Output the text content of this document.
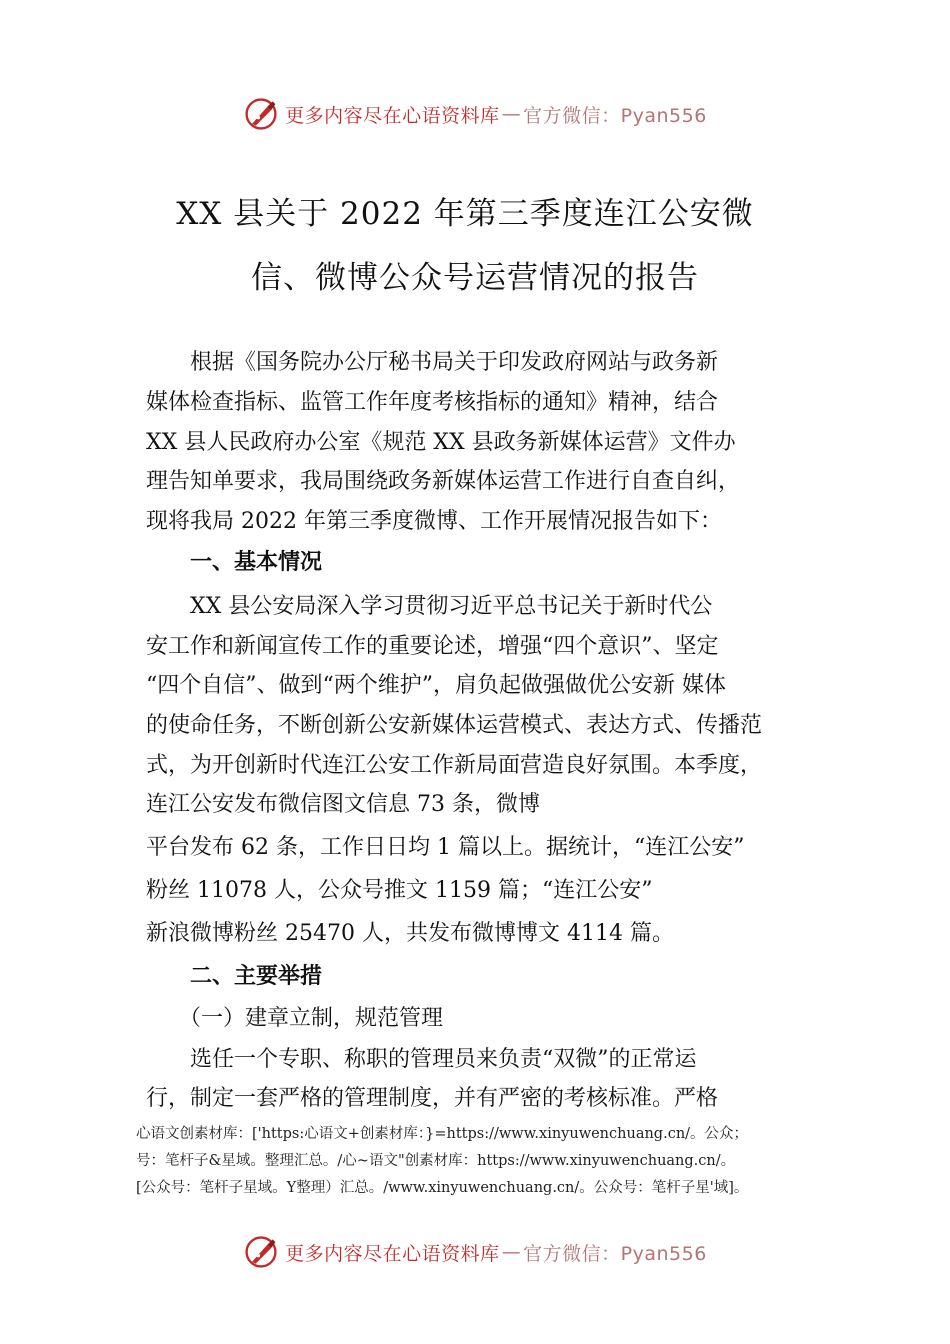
更多内容尽在心语资料库 — 官方微信：Pyan556
XX 县关于 2022 年第三季度连江公安微
信、微博公众号运营情况的报告
　　根据《国务院办公厅秘书局关于印发政府网站与政务新
媒体检查指标、监管工作年度考核指标的通知》精神，结合
XX 县人民政府办公室《规范 XX 县政务新媒体运营》文件办
理告知单要求，我局围绕政务新媒体运营工作进行自查自纠，
现将我局 2022 年第三季度微博、工作开展情况报告如下：
　　一、基本情况
　　XX 县公安局深入学习贯彻习近平总书记关于新时代公
安工作和新闻宣传工作的重要论述，增强“四个意识”、坚定
“四个自信”、做到“两个维护”，肩负起做强做优公安新 媒体
的使命任务，不断创新公安新媒体运营模式、表达方式、传播范
式，为开创新时代连江公安工作新局面营造良好氛围。本季度，
连江公安发布微信图文信息 73 条，微博
平台发布 62 条，工作日日均 1 篇以上。据统计，“连江公安”
粉丝 11078 人，公众号推文 1159 篇；“连江公安”
新浪微博粉丝 25470 人，共发布微博博文 4114 篇。
　　二、主要举措
　　（一）建章立制，规范管理
　　选任一个专职、称职的管理员来负责“双微”的正常运
行，制定一套严格的管理制度，并有严密的考核标准。严格
心语文创素材库：['https:心语文+创素材库：}=https://www.xinyuwenchuang.cn/。公众；
号：笔杆子&星域。整理汇总。/心~语文"创素材库：https://www.xinyuwenchuang.cn/。
[公众号：笔杆子星域。Y整理）汇总。/www.xinyuwenchuang.cn/。公众号：笔杆子星'域]。
更多内容尽在心语资料库 — 官方微信：Pyan556
